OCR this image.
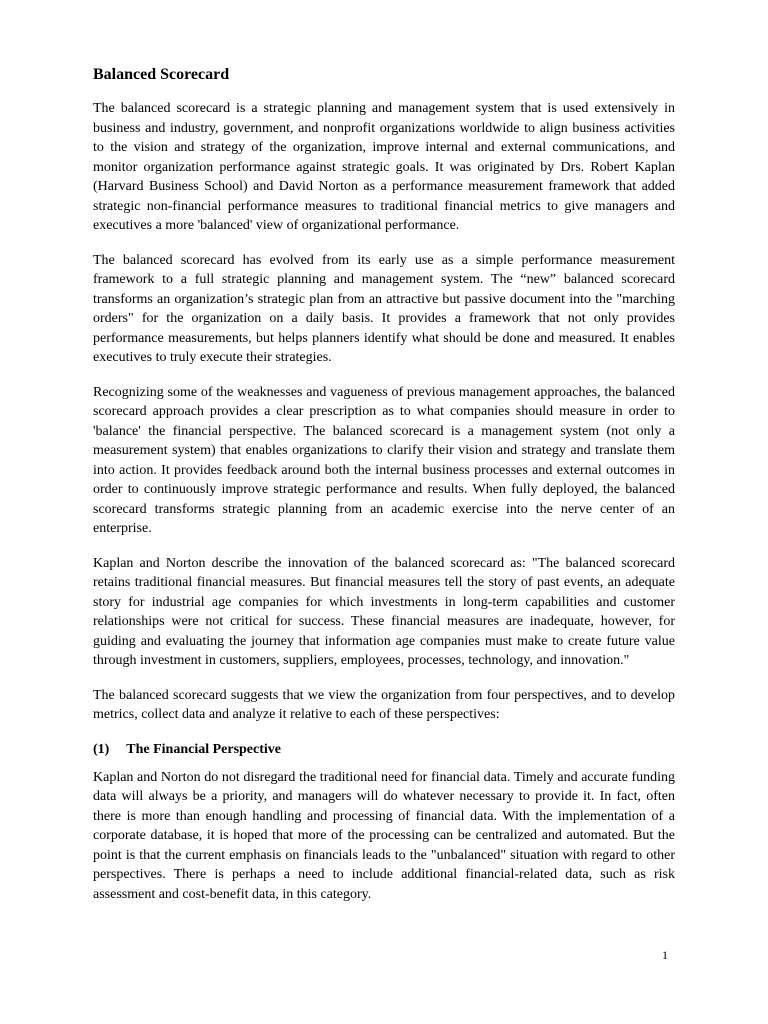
Balanced Scorecard

The balanced scorecard is a strategic planning and management system that is used extensively in business and industry, government, and nonprofit organizations worldwide to align business activities to the vision and strategy of the organization, improve internal and external communications, and monitor organization performance against strategic goals. It was originated by Drs. Robert Kaplan (Harvard Business School) and David Norton as a performance measurement framework that added strategic non-financial performance measures to traditional financial metrics to give managers and executives a more 'balanced' view of organizational performance.

The balanced scorecard has evolved from its early use as a simple performance measurement framework to a full strategic planning and management system. The “new” balanced scorecard transforms an organization’s strategic plan from an attractive but passive document into the "marching orders" for the organization on a daily basis. It provides a framework that not only provides performance measurements, but helps planners identify what should be done and measured. It enables executives to truly execute their strategies.

Recognizing some of the weaknesses and vagueness of previous management approaches, the balanced scorecard approach provides a clear prescription as to what companies should measure in order to 'balance' the financial perspective. The balanced scorecard is a management system (not only a measurement system) that enables organizations to clarify their vision and strategy and translate them into action. It provides feedback around both the internal business processes and external outcomes in order to continuously improve strategic performance and results. When fully deployed, the balanced scorecard transforms strategic planning from an academic exercise into the nerve center of an enterprise.

Kaplan and Norton describe the innovation of the balanced scorecard as: "The balanced scorecard retains traditional financial measures. But financial measures tell the story of past events, an adequate story for industrial age companies for which investments in long-term capabilities and customer relationships were not critical for success. These financial measures are inadequate, however, for guiding and evaluating the journey that information age companies must make to create future value through investment in customers, suppliers, employees, processes, technology, and innovation."

The balanced scorecard suggests that we view the organization from four perspectives, and to develop metrics, collect data and analyze it relative to each of these perspectives:

(1) The Financial Perspective

Kaplan and Norton do not disregard the traditional need for financial data. Timely and accurate funding data will always be a priority, and managers will do whatever necessary to provide it. In fact, often there is more than enough handling and processing of financial data. With the implementation of a corporate database, it is hoped that more of the processing can be centralized and automated. But the point is that the current emphasis on financials leads to the "unbalanced" situation with regard to other perspectives. There is perhaps a need to include additional financial-related data, such as risk assessment and cost-benefit data, in this category.

1
